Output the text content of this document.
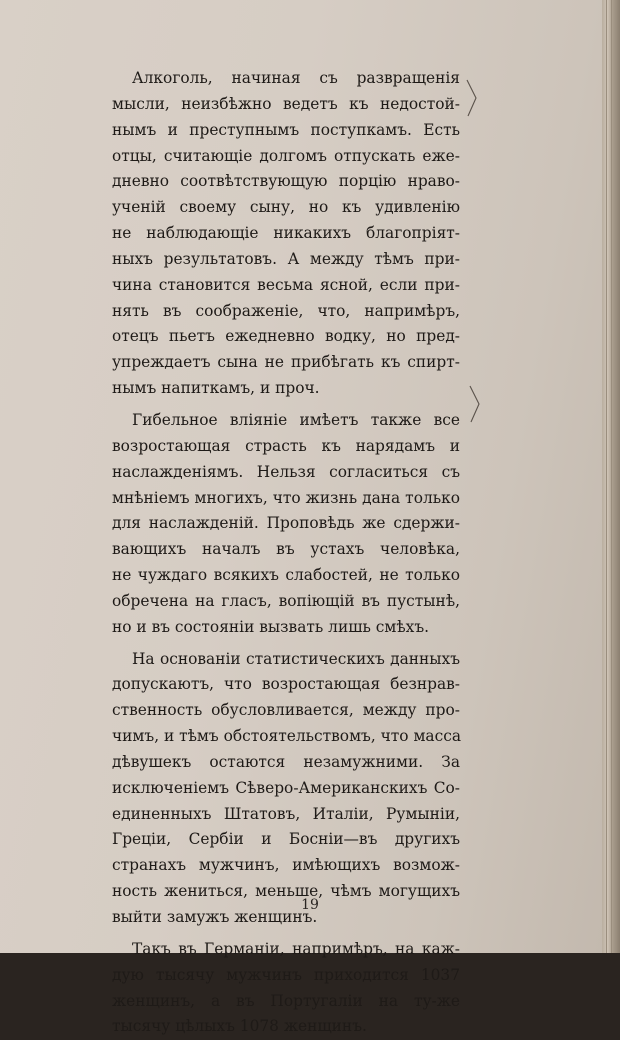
Алкоголь, начиная съ развращенія
мысли, неизбѣжно ведетъ къ недостой-
нымъ и преступнымъ поступкамъ. Есть
отцы, считающіе долгомъ отпускать еже-
дневно соотвѣтствующую порцію нраво-
ученій своему сыну, но къ удивленію
не наблюдающіе никакихъ благопріят-
ныхъ результатовъ. А между тѣмъ при-
чина становится весьма ясной, если при-
нять въ соображеніе, что, напримѣръ,
отецъ пьетъ ежедневно водку, но пред-
упреждаетъ сына не прибѣгать къ спирт-
нымъ напиткамъ, и проч.
Гибельное вліяніе имѣетъ также все
возростающая страсть къ нарядамъ и
наслажденіямъ. Нельзя согласиться съ
мнѣніемъ многихъ, что жизнь дана только
для наслажденій. Проповѣдь же сдержи-
вающихъ началъ въ устахъ человѣка,
не чуждаго всякихъ слабостей, не только
обречена на гласъ, вопіющій въ пустынѣ,
но и въ состояніи вызвать лишь смѣхъ.
На основаніи статистическихъ данныхъ
допускаютъ, что возростающая безнрав-
ственность обусловливается, между про-
чимъ, и тѣмъ обстоятельствомъ, что масса
дѣвушекъ остаются незамужними. За
исключеніемъ Сѣверо-Американскихъ Со-
единенныхъ Штатовъ, Италіи, Румыніи,
Греціи, Сербіи и Босніи—въ другихъ
странахъ мужчинъ, имѣющихъ возмож-
ность жениться, меньше, чѣмъ могущихъ
выйти замужъ женщинъ.
Такъ въ Германіи, напримѣръ, на каж-
дую тысячу мужчинъ приходится 1037
женщинъ, а въ Португаліи на ту-же
тысячу цѣлыхъ 1078 женщинъ.
19
